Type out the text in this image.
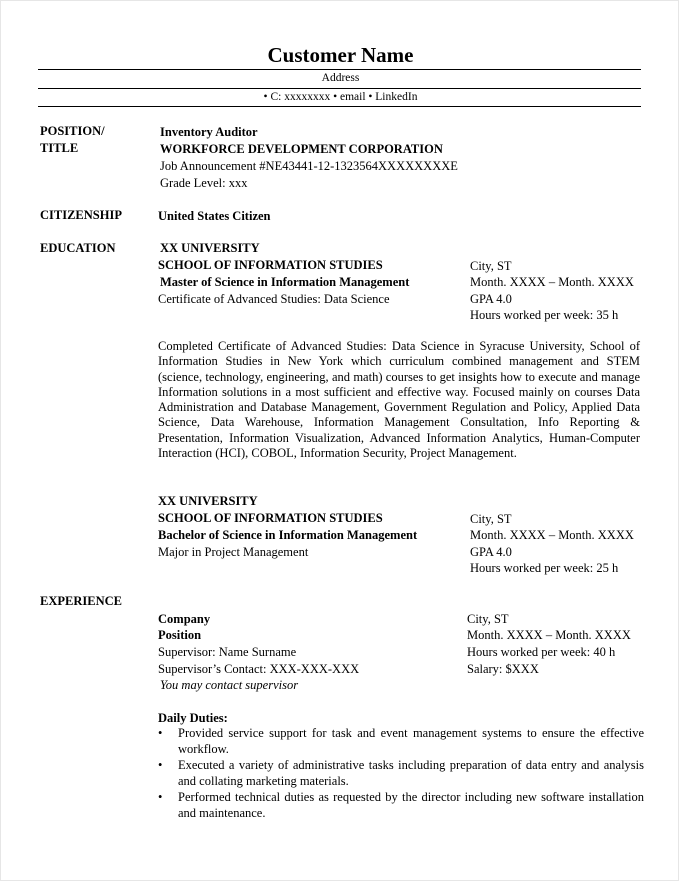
Customer Name
Address
• C: xxxxxxxx • email • LinkedIn
POSITION/
TITLE
Inventory Auditor
WORKFORCE DEVELOPMENT CORPORATION
Job Announcement #NE43441-12-1323564XXXXXXXXE
Grade Level: xxx
CITIZENSHIP	United States Citizen
EDUCATION	XX UNIVERSITY
SCHOOL OF INFORMATION STUDIES
Master of Science in Information Management
Certificate of Advanced Studies: Data Science
City, ST
Month. XXXX – Month. XXXX
GPA 4.0
Hours worked per week: 35 h
Completed Certificate of Advanced Studies: Data Science in Syracuse University, School of Information Studies in New York which curriculum combined management and STEM (science, technology, engineering, and math) courses to get insights how to execute and manage Information solutions in a most sufficient and effective way. Focused mainly on courses Data Administration and Database Management, Government Regulation and Policy, Applied Data Science, Data Warehouse, Information Management Consultation, Info Reporting & Presentation, Information Visualization, Advanced Information Analytics, Human-Computer Interaction (HCI), COBOL, Information Security, Project Management.
XX UNIVERSITY
SCHOOL OF INFORMATION STUDIES
Bachelor of Science in Information Management
Major in Project Management
City, ST
Month. XXXX – Month. XXXX
GPA 4.0
Hours worked per week: 25 h
EXPERIENCE
Company
Position
Supervisor: Name Surname
Supervisor’s Contact: XXX-XXX-XXX
You may contact supervisor
City, ST
Month. XXXX – Month. XXXX
Hours worked per week: 40 h
Salary: $XXX
Daily Duties:
• Provided service support for task and event management systems to ensure the effective workflow.
• Executed a variety of administrative tasks including preparation of data entry and analysis and collating marketing materials.
• Performed technical duties as requested by the director including new software installation and maintenance.
